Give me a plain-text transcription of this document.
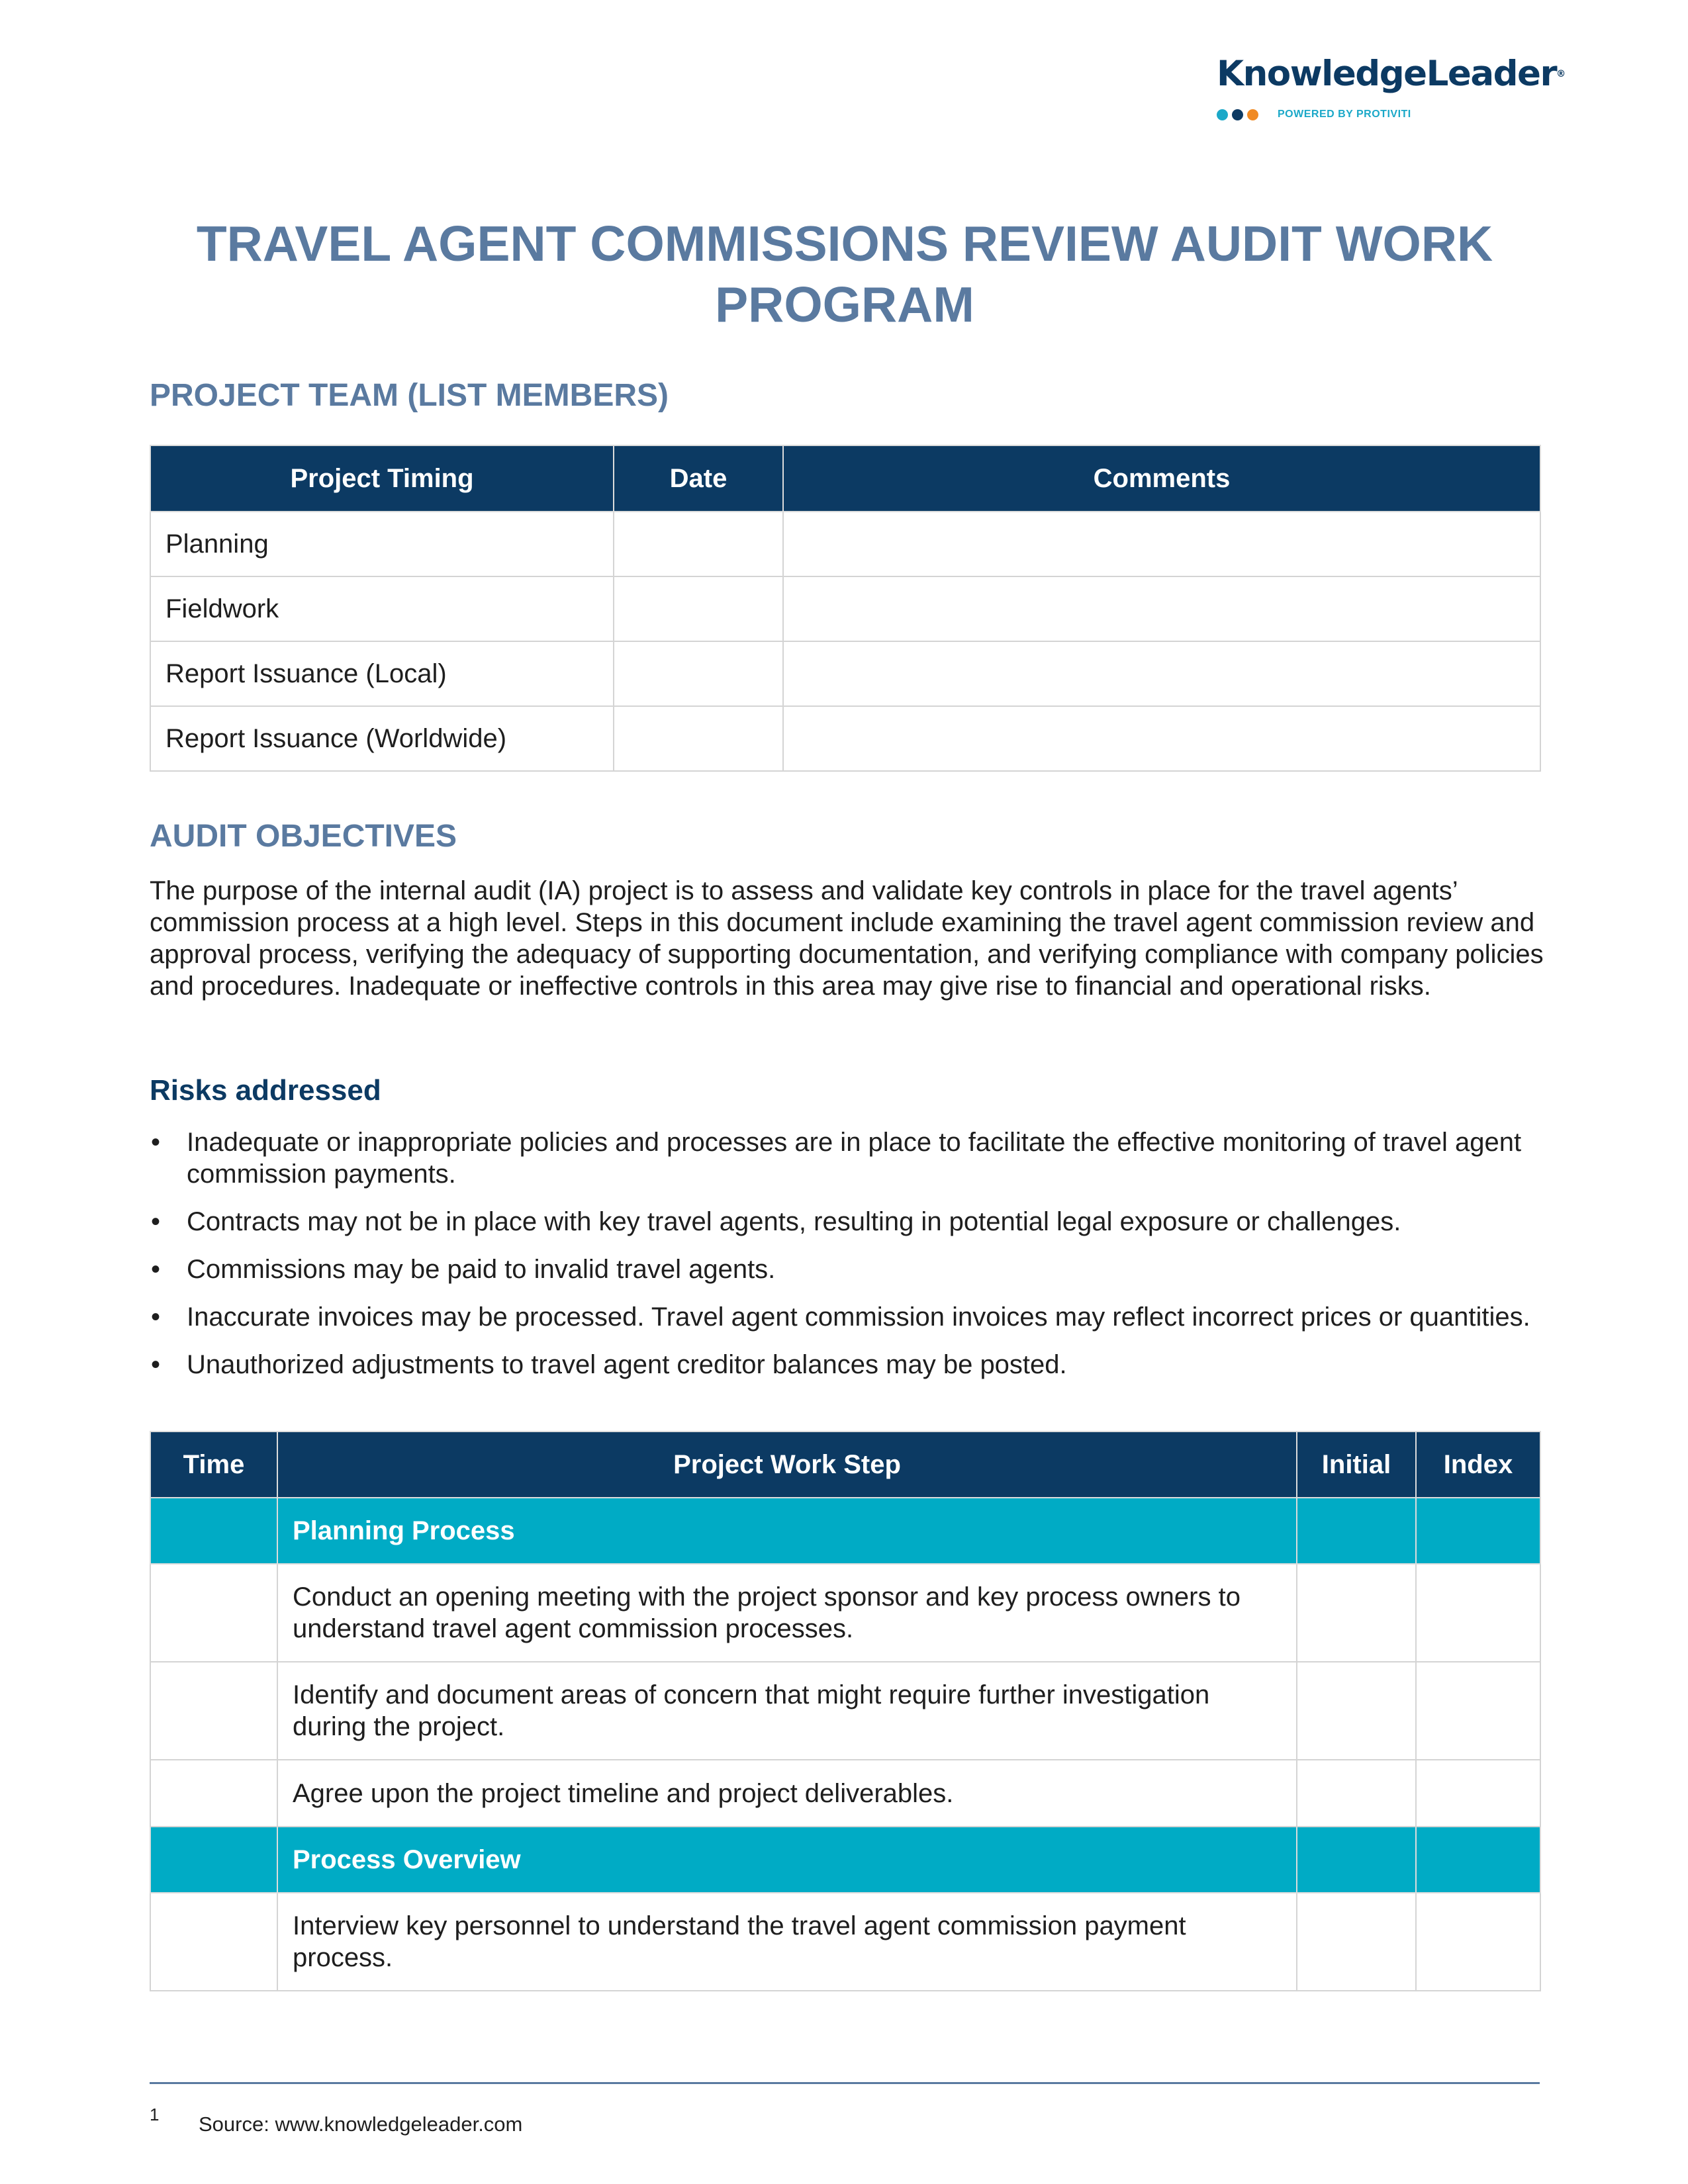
KnowledgeLeader®
POWERED BY PROTIVITI
TRAVEL AGENT COMMISSIONS REVIEW AUDIT WORK PROGRAM
PROJECT TEAM (LIST MEMBERS)
Project Timing	Date	Comments
Planning		
Fieldwork		
Report Issuance (Local)		
Report Issuance (Worldwide)		
AUDIT OBJECTIVES

The purpose of the internal audit (IA) project is to assess and validate key controls in place for the travel agents’ commission process at a high level. Steps in this document include examining the travel agent commission review and approval process, verifying the adequacy of supporting documentation, and verifying compliance with company policies and procedures. Inadequate or ineffective controls in this area may give rise to financial and operational risks.

Risks addressed
• Inadequate or inappropriate policies and processes are in place to facilitate the effective monitoring of travel agent commission payments.
• Contracts may not be in place with key travel agents, resulting in potential legal exposure or challenges.
• Commissions may be paid to invalid travel agents.
• Inaccurate invoices may be processed. Travel agent commission invoices may reflect incorrect prices or quantities.
• Unauthorized adjustments to travel agent creditor balances may be posted.
Time	Project Work Step	Initial	Index
	Planning Process		
	Conduct an opening meeting with the project sponsor and key process owners to understand travel agent commission processes.		
	Identify and document areas of concern that might require further investigation during the project.		
	Agree upon the project timeline and project deliverables.		
	Process Overview		
	Interview key personnel to understand the travel agent commission payment process.		
1 Source: www.knowledgeleader.com
